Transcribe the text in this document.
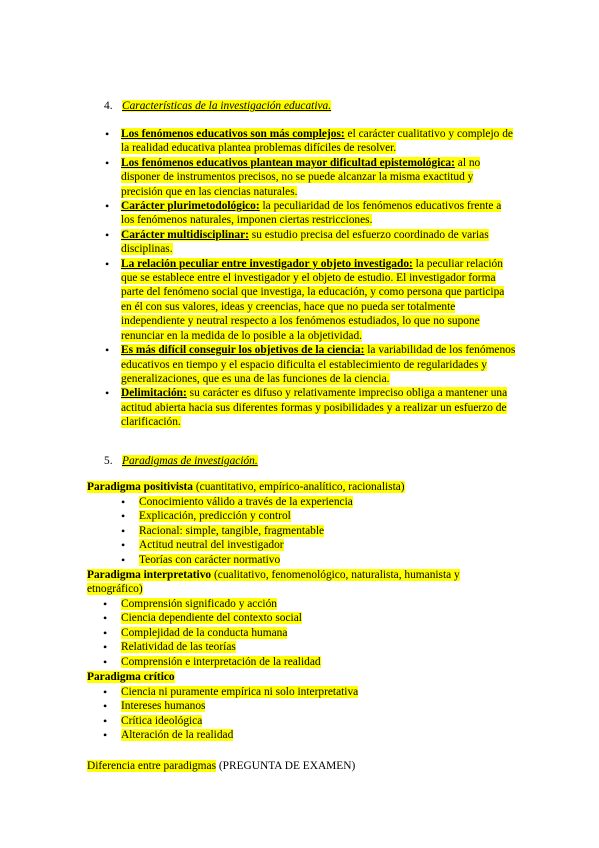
4. Características de la investigación educativa.
• Los fenómenos educativos son más complejos: el carácter cualitativo y complejo de la realidad educativa plantea problemas difíciles de resolver.
• Los fenómenos educativos plantean mayor dificultad epistemológica: al no disponer de instrumentos precisos, no se puede alcanzar la misma exactitud y precisión que en las ciencias naturales.
• Carácter plurimetodológico: la peculiaridad de los fenómenos educativos frente a los fenómenos naturales, imponen ciertas restricciones.
• Carácter multidisciplinar: su estudio precisa del esfuerzo coordinado de varias disciplinas.
• La relación peculiar entre investigador y objeto investigado: la peculiar relación que se establece entre el investigador y el objeto de estudio. El investigador forma parte del fenómeno social que investiga, la educación, y como persona que participa en él con sus valores, ideas y creencias, hace que no pueda ser totalmente independiente y neutral respecto a los fenómenos estudiados, lo que no supone renunciar en la medida de lo posible a la objetividad.
• Es más difícil conseguir los objetivos de la ciencia: la variabilidad de los fenómenos educativos en tiempo y el espacio dificulta el establecimiento de regularidades y generalizaciones, que es una de las funciones de la ciencia.
• Delimitación: su carácter es difuso y relativamente impreciso obliga a mantener una actitud abierta hacia sus diferentes formas y posibilidades y a realizar un esfuerzo de clarificación.
5. Paradigmas de investigación.
Paradigma positivista (cuantitativo, empírico-analítico, racionalista)
• Conocimiento válido a través de la experiencia
• Explicación, predicción y control
• Racional: simple, tangible, fragmentable
• Actitud neutral del investigador
• Teorías con carácter normativo
Paradigma interpretativo (cualitativo, fenomenológico, naturalista, humanista y etnográfico)
• Comprensión significado y acción
• Ciencia dependiente del contexto social
• Complejidad de la conducta humana
• Relatividad de las teorías
• Comprensión e interpretación de la realidad
Paradigma crítico
• Ciencia ni puramente empírica ni solo interpretativa
• Intereses humanos
• Crítica ideológica
• Alteración de la realidad
Diferencia entre paradigmas (PREGUNTA DE EXAMEN)
